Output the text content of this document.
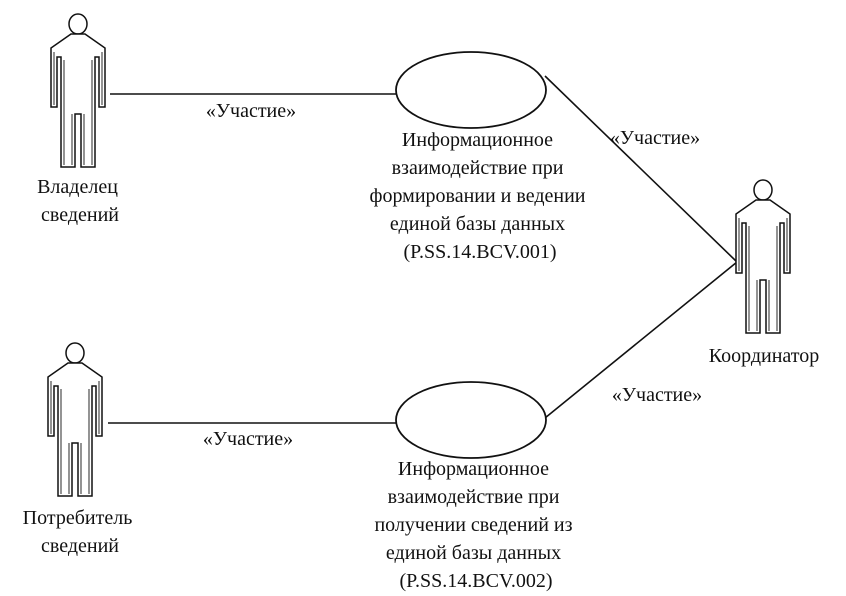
«Участие»
«Участие»
«Участие»
«Участие»
Владелец сведений
Потребитель сведений
Координатор
Информационное взаимодействие при формировании и ведении единой базы данных (P.SS.14.BCV.001)
Информационное взаимодействие при получении сведений из единой базы данных (P.SS.14.BCV.002)
